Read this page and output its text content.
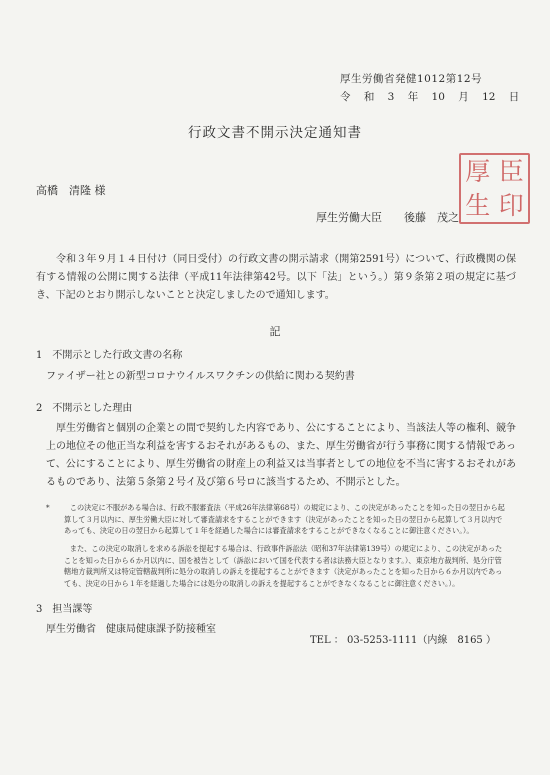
厚生労働省発健1012第12号
令 和 3 年 10 月 12 日
行政文書不開示決定通知書
高橋　清隆 様
厚生労働大臣　　後藤　茂之
厚 臣
生 印
令和３年９月１４日付け（同日受付）の行政文書の開示請求（開第2591号）について、行政機関の保有する情報の公開に関する法律（平成11年法律第42号。以下「法」という。）第９条第２項の規定に基づき、下記のとおり開示しないことと決定しましたので通知します。
記
1　不開示とした行政文書の名称
ファイザー社との新型コロナウイルスワクチンの供給に関わる契約書
2　不開示とした理由
厚生労働省と個別の企業との間で契約した内容であり、公にすることにより、当該法人等の権利、競争上の地位その他正当な利益を害するおそれがあるもの、また、厚生労働省が行う事務に関する情報であって、公にすることにより、厚生労働省の財産上の利益又は当事者としての地位を不当に害するおそれがあるものであり、法第５条第２号イ及び第６号ロに該当するため、不開示とした。
*	この決定に不服がある場合は、行政不服審査法（平成26年法律第68号）の規定により、この決定があったことを知った日の翌日から起算して３月以内に、厚生労働大臣に対して審査請求をすることができます（決定があったことを知った日の翌日から起算して３月以内であっても、決定の日の翌日から起算して１年を経過した場合には審査請求をすることができなくなることに御注意ください。）。
また、この決定の取消しを求める訴訟を提起する場合は、行政事件訴訟法（昭和37年法律第139号）の規定により、この決定があったことを知った日から６か月以内に、国を被告として（訴訟において国を代表する者は法務大臣となります。）、東京地方裁判所、処分庁管轄地方裁判所又は特定管轄裁判所に処分の取消しの訴えを提起することができます（決定があったことを知った日から６か月以内であっても、決定の日から１年を経過した場合には処分の取消しの訴えを提起することができなくなることに御注意ください。）。
3　担当課等
厚生労働省　健康局健康課予防接種室
TEL ： 03-5253-1111（内線　8165 ）
